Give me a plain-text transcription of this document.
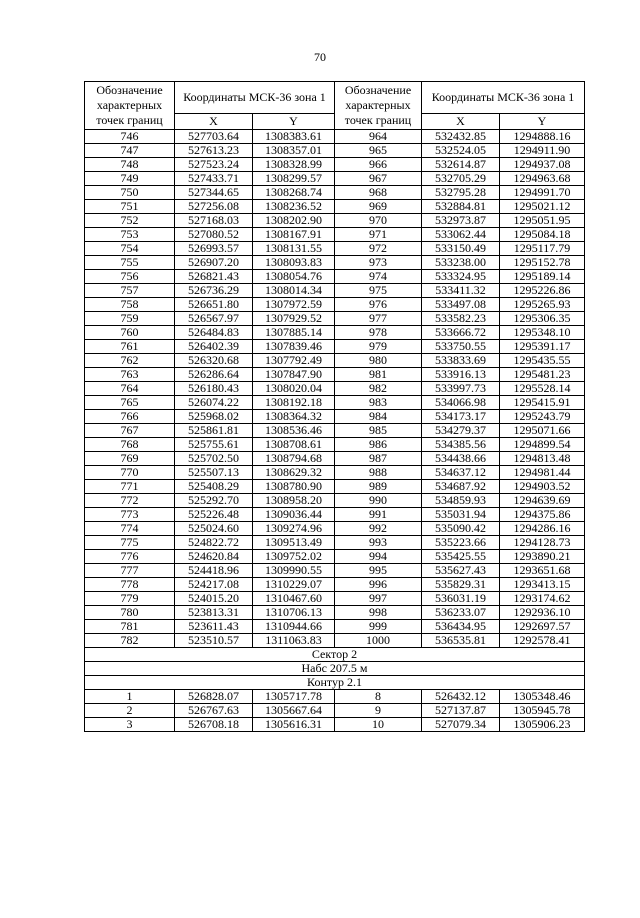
70
Обозначение характерных точек границ	Координаты МСК-36 зона 1		Обозначение характерных точек границ	Координаты МСК-36 зона 1	
	X	Y		X	Y
746	527703.64	1308383.61	964	532432.85	1294888.16
747	527613.23	1308357.01	965	532524.05	1294911.90
748	527523.24	1308328.99	966	532614.87	1294937.08
749	527433.71	1308299.57	967	532705.29	1294963.68
750	527344.65	1308268.74	968	532795.28	1294991.70
751	527256.08	1308236.52	969	532884.81	1295021.12
752	527168.03	1308202.90	970	532973.87	1295051.95
753	527080.52	1308167.91	971	533062.44	1295084.18
754	526993.57	1308131.55	972	533150.49	1295117.79
755	526907.20	1308093.83	973	533238.00	1295152.78
756	526821.43	1308054.76	974	533324.95	1295189.14
757	526736.29	1308014.34	975	533411.32	1295226.86
758	526651.80	1307972.59	976	533497.08	1295265.93
759	526567.97	1307929.52	977	533582.23	1295306.35
760	526484.83	1307885.14	978	533666.72	1295348.10
761	526402.39	1307839.46	979	533750.55	1295391.17
762	526320.68	1307792.49	980	533833.69	1295435.55
763	526286.64	1307847.90	981	533916.13	1295481.23
764	526180.43	1308020.04	982	533997.73	1295528.14
765	526074.22	1308192.18	983	534066.98	1295415.91
766	525968.02	1308364.32	984	534173.17	1295243.79
767	525861.81	1308536.46	985	534279.37	1295071.66
768	525755.61	1308708.61	986	534385.56	1294899.54
769	525702.50	1308794.68	987	534438.66	1294813.48
770	525507.13	1308629.32	988	534637.12	1294981.44
771	525408.29	1308780.90	989	534687.92	1294903.52
772	525292.70	1308958.20	990	534859.93	1294639.69
773	525226.48	1309036.44	991	535031.94	1294375.86
774	525024.60	1309274.96	992	535090.42	1294286.16
775	524822.72	1309513.49	993	535223.66	1294128.73
776	524620.84	1309752.02	994	535425.55	1293890.21
777	524418.96	1309990.55	995	535627.43	1293651.68
778	524217.08	1310229.07	996	535829.31	1293413.15
779	524015.20	1310467.60	997	536031.19	1293174.62
780	523813.31	1310706.13	998	536233.07	1292936.10
781	523611.43	1310944.66	999	536434.95	1292697.57
782	523510.57	1311063.83	1000	536535.81	1292578.41
Сектор 2					
Набс 207.5 м					
Контур 2.1					
1	526828.07	1305717.78	8	526432.12	1305348.46
2	526767.63	1305667.64	9	527137.87	1305945.78
3	526708.18	1305616.31	10	527079.34	1305906.23
